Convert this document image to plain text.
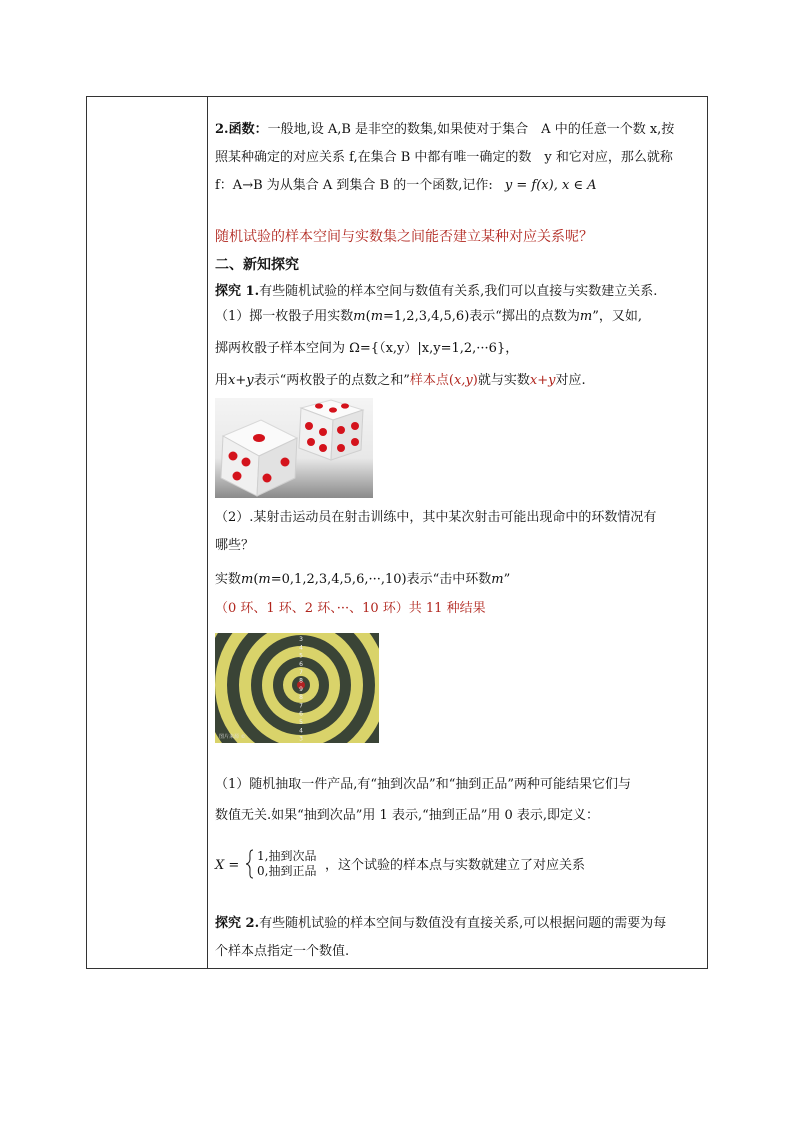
2.函数：一般地,设 A,B 是非空的数集,如果使对于集合　A 中的任意一个数 x,按
照某种确定的对应关系 f,在集合 B 中都有唯一确定的数　y 和它对应，那么就称
f：A→B 为从集合 A 到集合 B 的一个函数,记作: y = f(x), x ∈ A
随机试验的样本空间与实数集之间能否建立某种对应关系呢？
二、新知探究
探究 1.有些随机试验的样本空间与数值有关系,我们可以直接与实数建立关系.
（1）掷一枚骰子用实数m(m=1,2,3,4,5,6)表示“掷出的点数为m”，又如,
掷两枚骰子样本空间为 Ω={（x,y）|x,y=1,2,···6}，
用x+y表示“两枚骰子的点数之和”样本点(x,y)就与实数x+y对应.
（2）.某射击运动员在射击训练中，其中某次射击可能出现命中的环数情况有
哪些？
实数m(m=0,1,2,3,4,5,6,···,10)表示“击中环数m”
（0 环、1 环、2 环、···、10 环）共 11 种结果
3
4
5
6
7
8
9
8
7
6
5
4
3
图片来源 ©
（1）随机抽取一件产品,有“抽到次品”和“抽到正品”两种可能结果它们与
数值无关.如果“抽到次品”用 1 表示,“抽到正品”用 0 表示,即定义：
X =
1,抽到次品
0,抽到正品 ，这个试验的样本点与实数就建立了对应关系
探究 2.有些随机试验的样本空间与数值没有直接关系,可以根据问题的需要为每
个样本点指定一个数值.
